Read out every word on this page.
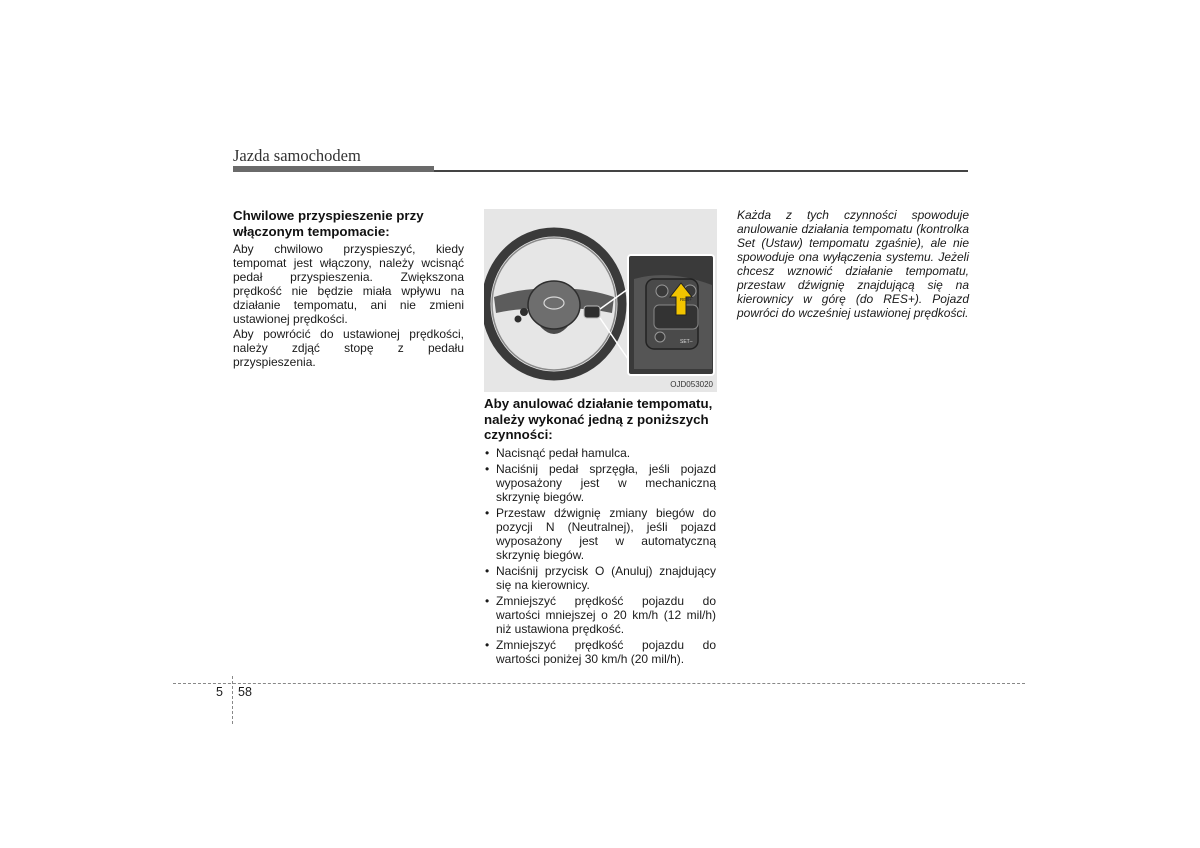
Jazda samochodem
Chwilowe przyspieszenie przy włączonym tempomacie:

Aby chwilowo przyspieszyć, kiedy tempomat jest włączony, należy wcisnąć pedał przyspieszenia. Zwiększona prędkość nie będzie miała wpływu na działanie tempomatu, ani nie zmieni ustawionej prędkości.

Aby powrócić do ustawionej prędkości, należy zdjąć stopę z pedału przyspieszenia.

SET–
RES+
OJD053020
Aby anulować działanie tempomatu, należy wykonać jedną z poniższych czynności:
• Nacisnąć pedał hamulca.
• Naciśnij pedał sprzęgła, jeśli pojazd wyposażony jest w mechaniczną skrzynię biegów.
• Przestaw dźwignię zmiany biegów do pozycji N (Neutralnej), jeśli pojazd wyposażony jest w automatyczną skrzynię biegów.
• Naciśnij przycisk O (Anuluj) znajdujący się na kierownicy.
• Zmniejszyć prędkość pojazdu do wartości mniejszej o 20 km/h (12 mil/h) niż ustawiona prędkość.
• Zmniejszyć prędkość pojazdu do wartości poniżej 30 km/h (20 mil/h).

Każda z tych czynności spowoduje anulowanie działania tempomatu (kontrolka Set (Ustaw) tempomatu zgaśnie), ale nie spowoduje ona wyłączenia systemu. Jeżeli chcesz wznowić działanie tempomatu, przestaw dźwignię znajdującą się na kierownicy w górę (do RES+). Pojazd powróci do wcześniej ustawionej prędkości.

5 58
